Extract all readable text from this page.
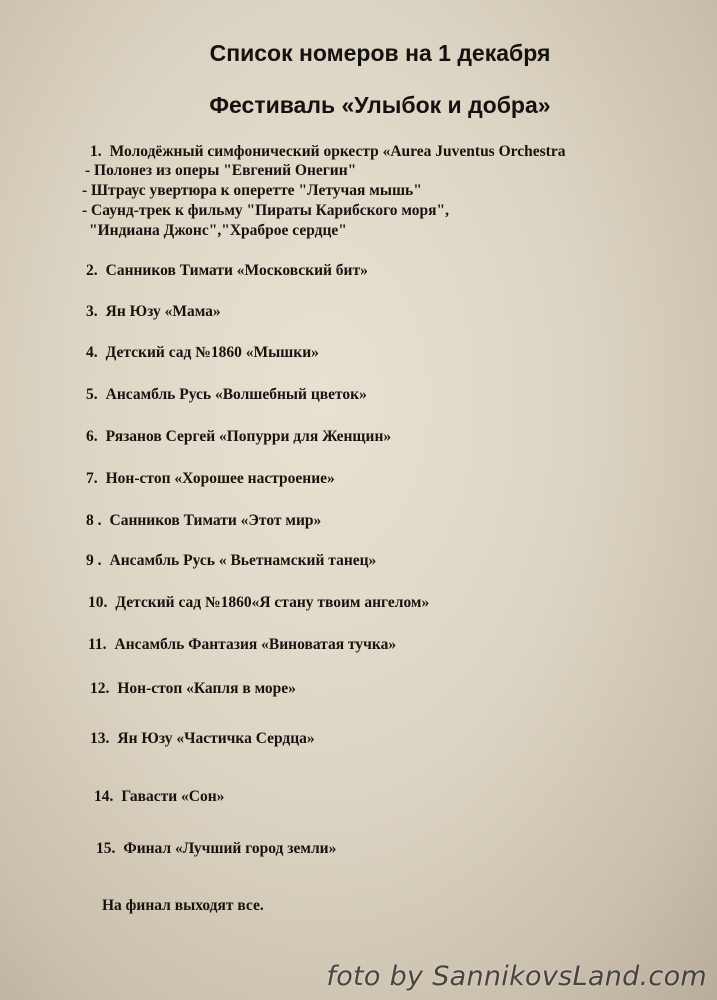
Список номеров на 1 декабря
Фестиваль «Улыбок и добра»
1. Молодёжный симфонический оркестр «Aurea Juventus Orchestra
- Полонез из оперы "Евгений Онегин"
- Штраус увертюра к оперетте "Летучая мышь"
- Саунд-трек к фильму "Пираты Карибского моря",
"Индиана Джонс","Храброе сердце"
2. Санников Тимати «Московский бит»
3. Ян Юзу «Мама»
4. Детский сад №1860 «Мышки»
5. Ансамбль Русь «Волшебный цветок»
6. Рязанов Сергей «Попурри для Женщин»
7. Нон-стоп «Хорошее настроение»
8 . Санников Тимати «Этот мир»
9 . Ансамбль Русь « Вьетнамский танец»
10. Детский сад №1860«Я стану твоим ангелом»
11. Ансамбль Фантазия «Виноватая тучка»
12. Нон-стоп «Капля в море»
13. Ян Юзу «Частичка Сердца»
14. Гавасти «Сон»
15. Финал «Лучший город земли»
На финал выходят все.
foto by SannikovsLand.com
